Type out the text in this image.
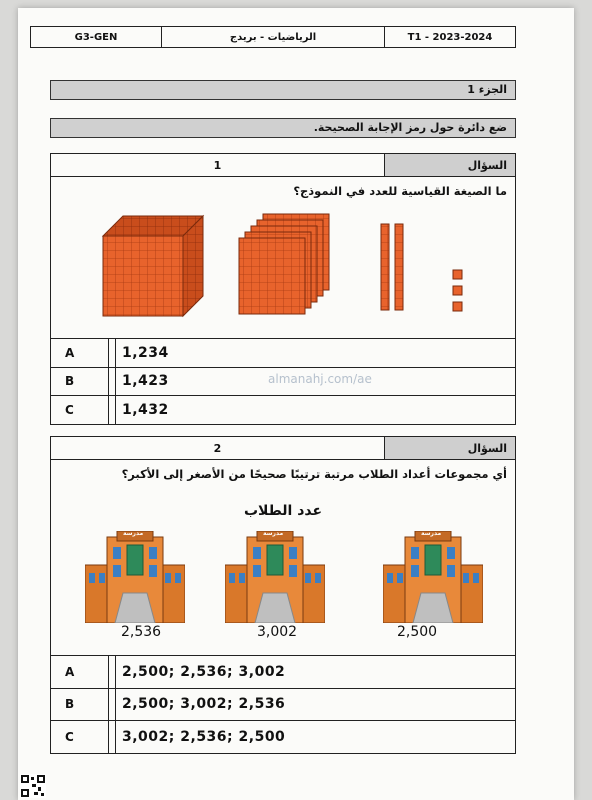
G3-GEN	الرياضيات - بريدج	T1 - 2023-2024
الجزء 1
ضع دائرة حول رمز الإجابة الصحيحة.
1	السؤال
ما الصيغة القياسية للعدد في النموذج؟
A	1,234
B	1,423
C	1,432
almanahj.com/ae
2	السؤال
أي مجموعات أعداد الطلاب مرتبة ترتيبًا صحيحًا من الأصغر إلى الأكبر؟
عدد الطلاب
مدرسة	مدرسة	مدرسة
2,536	3,002	2,500
A	2,500; 2,536; 3,002
B	2,500; 3,002; 2,536
C	3,002; 2,536; 2,500
